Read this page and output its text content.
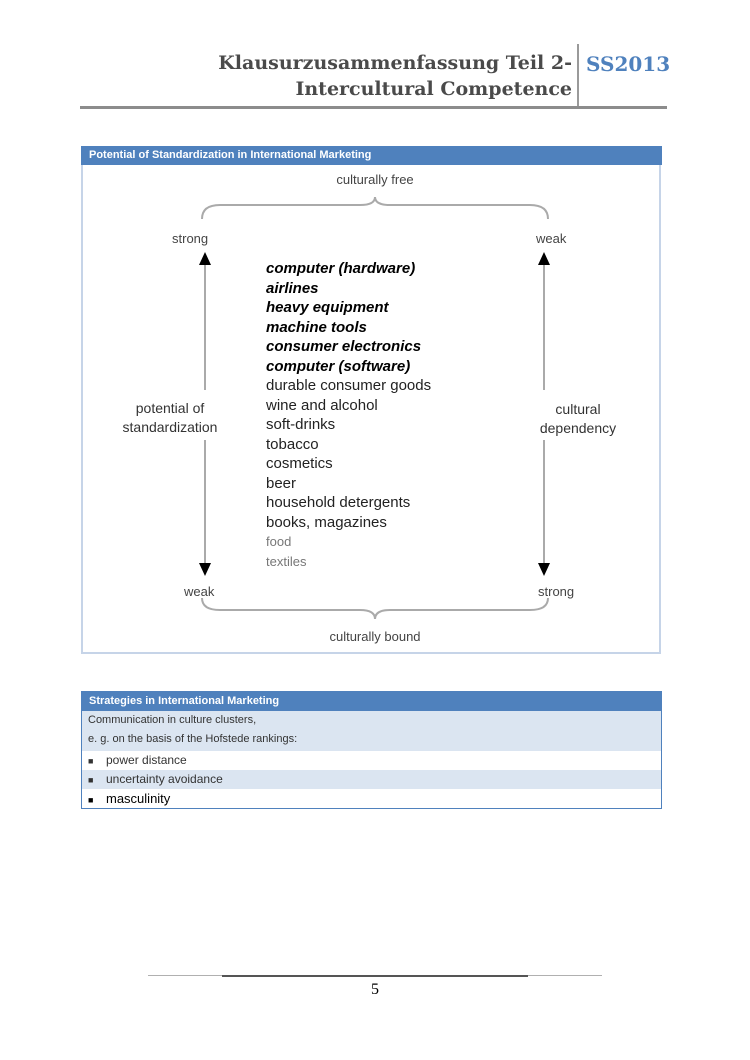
Klausurzusammenfassung Teil 2-
Intercultural Competence
SS2013
Potential of Standardization in International Marketing
culturally free
strong	weak
potential of
standardization
cultural
dependency
computer (hardware)
airlines
heavy equipment
machine tools
consumer electronics
computer (software)
durable consumer goods
wine and alcohol
soft-drinks
tobacco
cosmetics
beer
household detergents
books, magazines
food
textiles
weak	strong
culturally bound
Strategies in International Marketing
Communication in culture clusters,
e. g. on the basis of the Hofstede rankings:
■ power distance
■ uncertainty avoidance
■ masculinity
5
